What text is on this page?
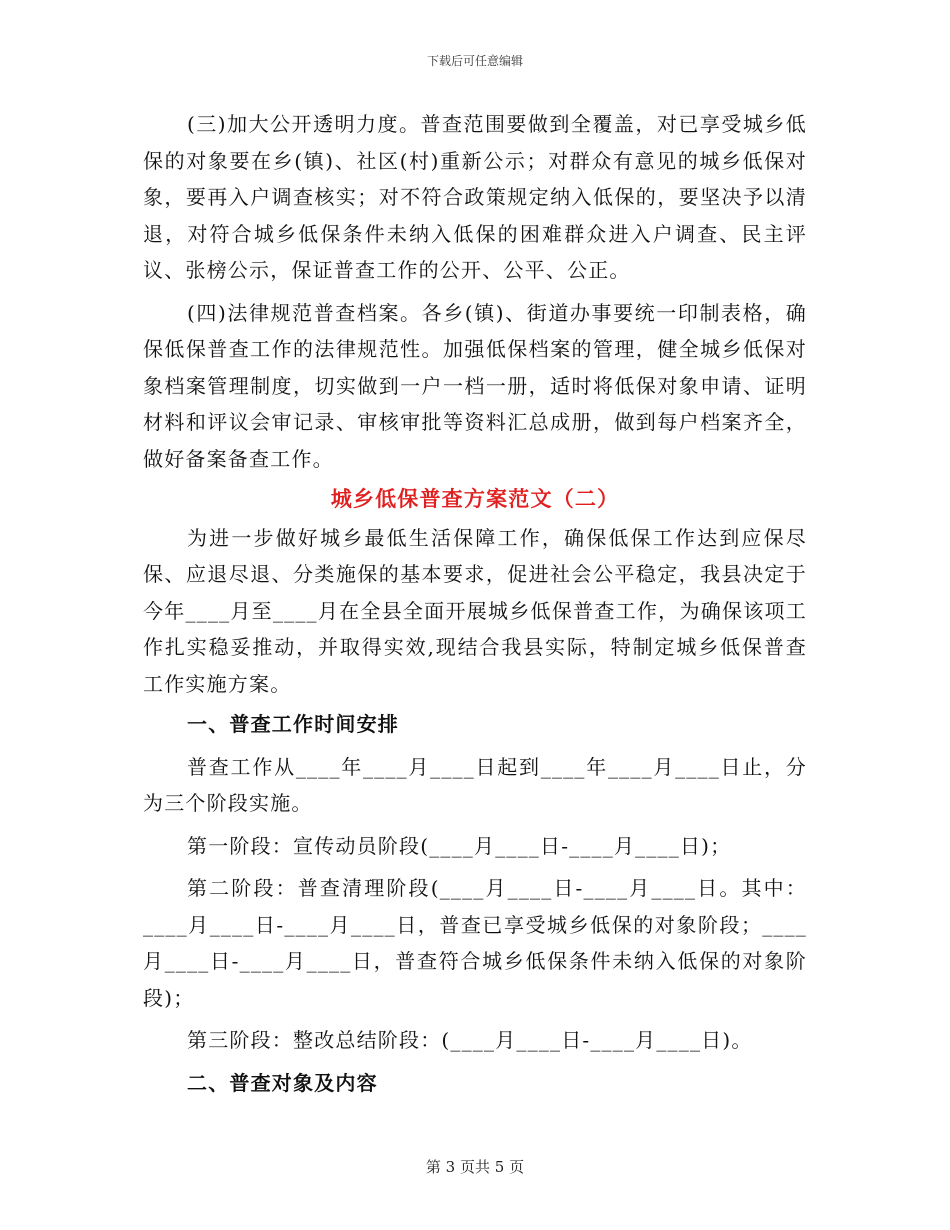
下载后可任意编辑

(三)加大公开透明力度。普查范围要做到全覆盖，对已享受城乡低保的对象要在乡(镇)、社区(村)重新公示；对群众有意见的城乡低保对象，要再入户调查核实；对不符合政策规定纳入低保的，要坚决予以清退，对符合城乡低保条件未纳入低保的困难群众进入户调查、民主评议、张榜公示，保证普查工作的公开、公平、公正。

(四)法律规范普查档案。各乡(镇)、街道办事要统一印制表格，确保低保普查工作的法律规范性。加强低保档案的管理，健全城乡低保对象档案管理制度，切实做到一户一档一册，适时将低保对象申请、证明材料和评议会审记录、审核审批等资料汇总成册，做到每户档案齐全，做好备案备查工作。

城乡低保普查方案范文（二）

为进一步做好城乡最低生活保障工作，确保低保工作达到应保尽保、应退尽退、分类施保的基本要求，促进社会公平稳定，我县决定于今年____月至____月在全县全面开展城乡低保普查工作，为确保该项工作扎实稳妥推动，并取得实效,现结合我县实际，特制定城乡低保普查工作实施方案。

一、普查工作时间安排

普查工作从____年____月____日起到____年____月____日止，分为三个阶段实施。

第一阶段：宣传动员阶段(____月____日-____月____日)；

第二阶段：普查清理阶段(____月____日-____月____日。其中：____月____日-____月____日，普查已享受城乡低保的对象阶段；____月____日-____月____日，普查符合城乡低保条件未纳入低保的对象阶段)；

第三阶段：整改总结阶段：(____月____日-____月____日)。

二、普查对象及内容

第 3 页共 5 页
